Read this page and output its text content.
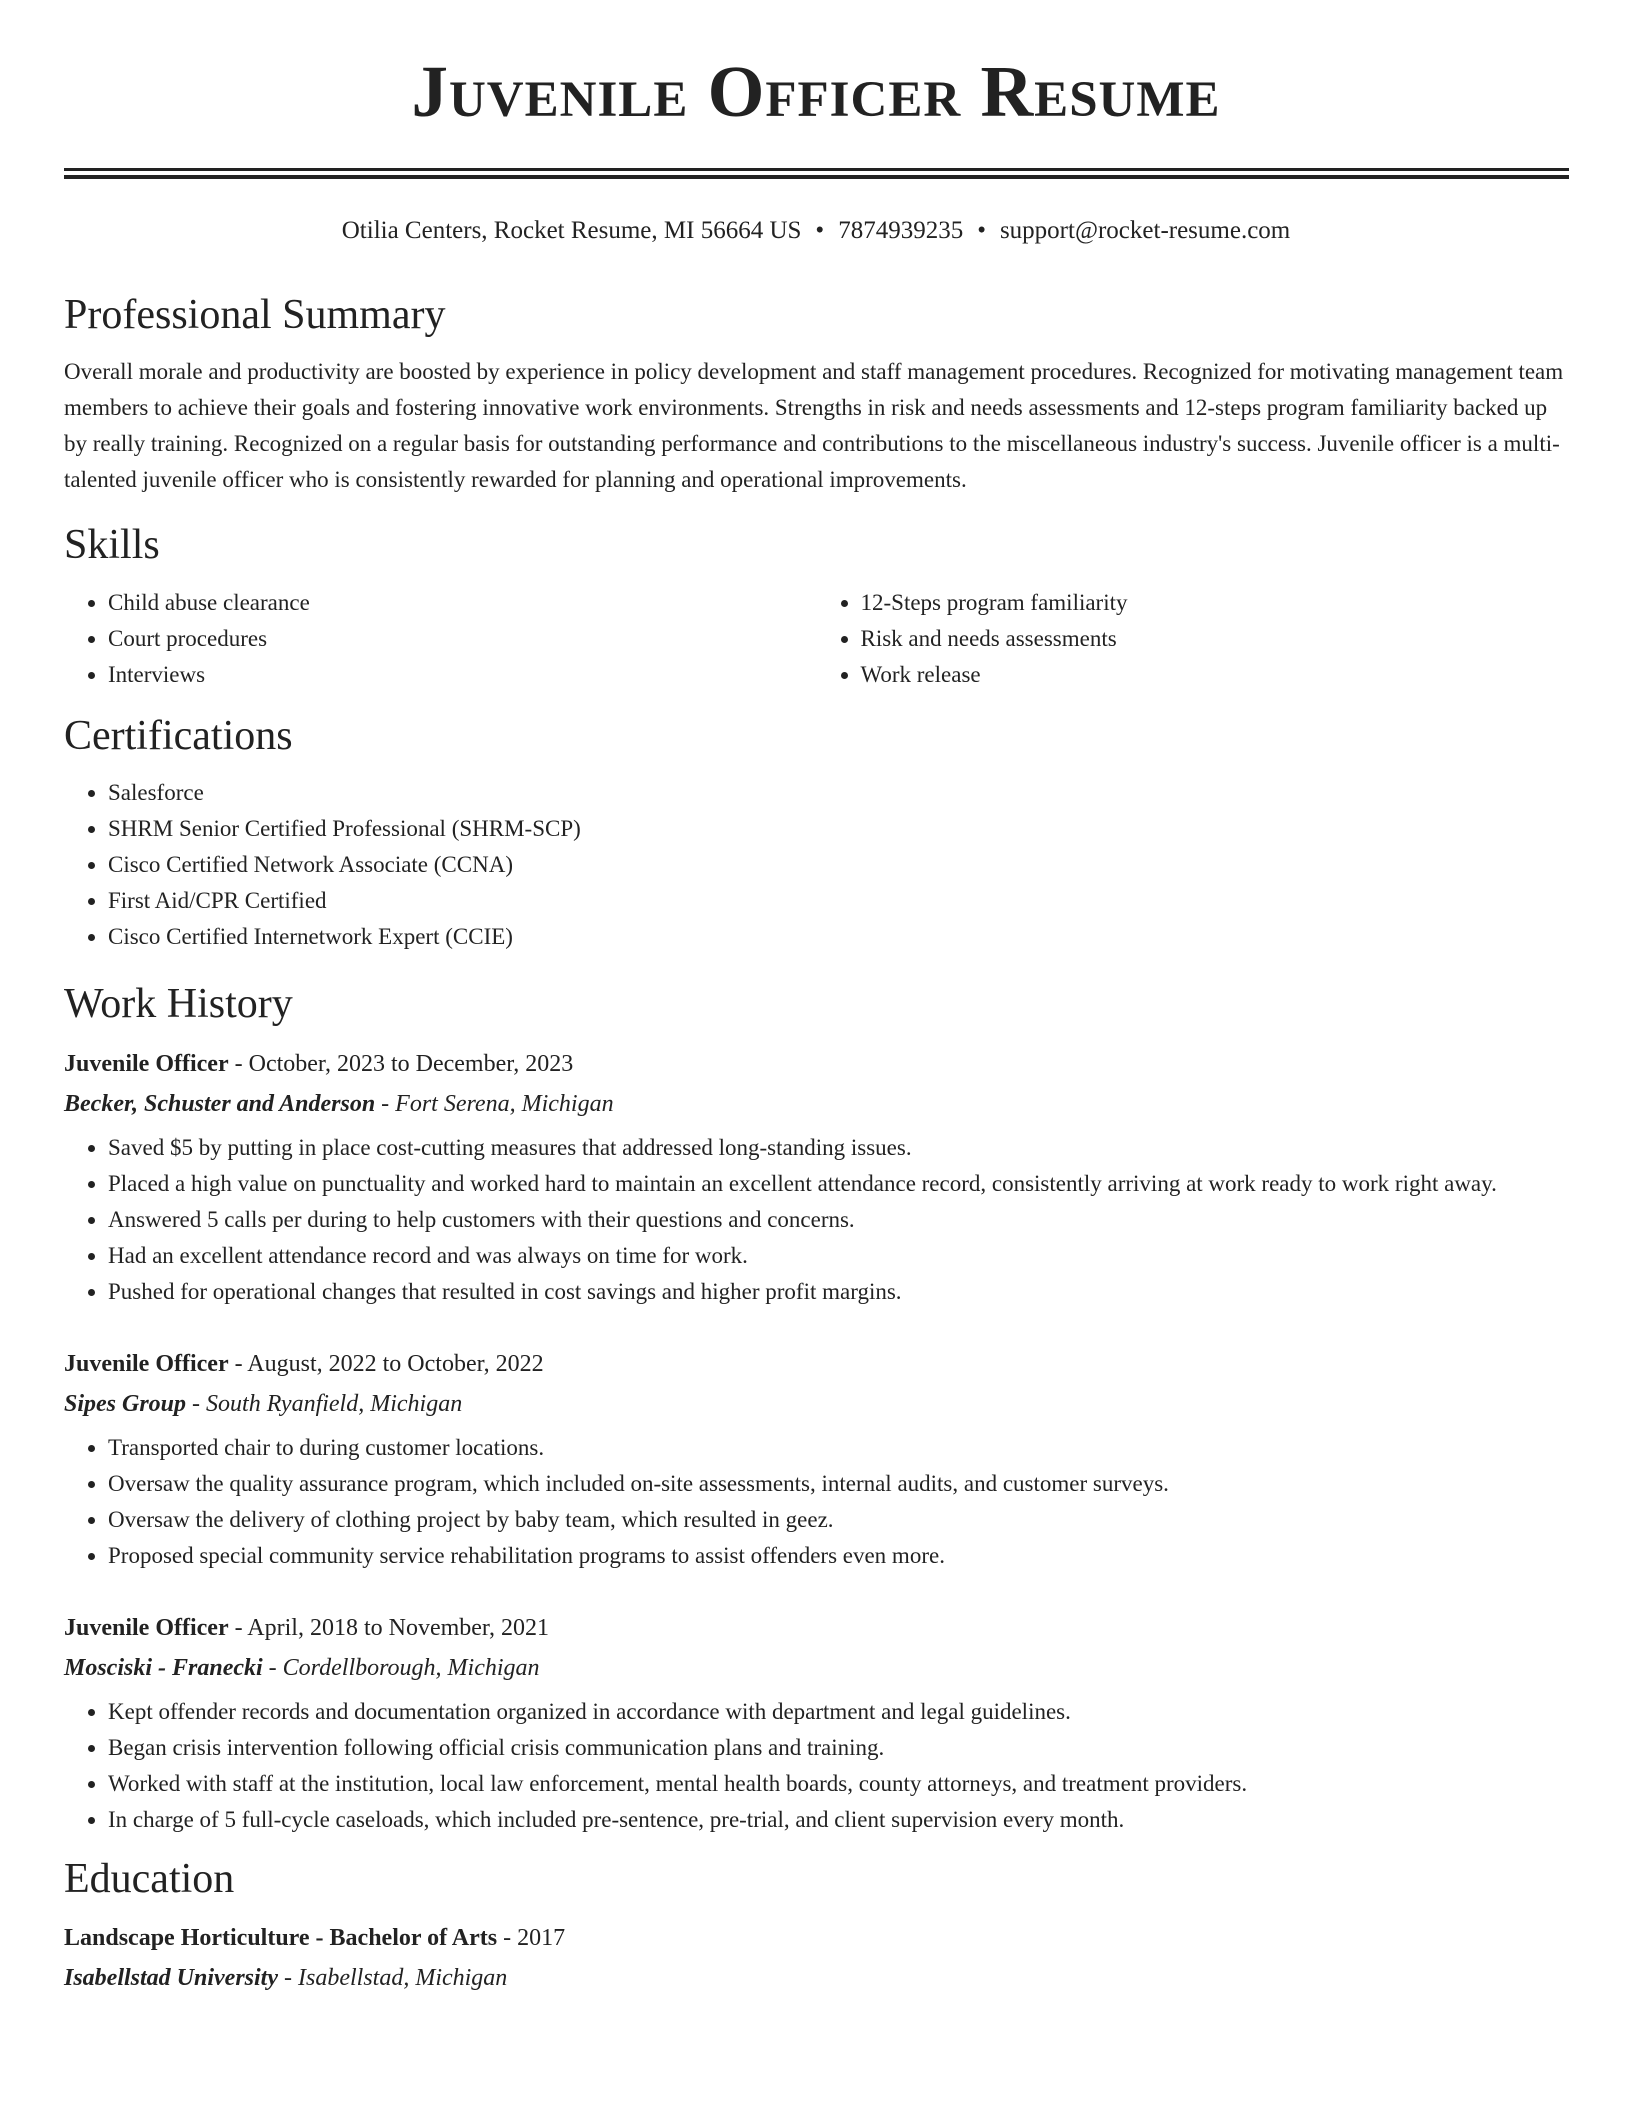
Juvenile Officer Resume
Otilia Centers, Rocket Resume, MI 56664 US • 7874939235 • support@rocket-resume.com
Professional Summary

Overall morale and productivity are boosted by experience in policy development and staff management procedures. Recognized for motivating management team members to achieve their goals and fostering innovative work environments. Strengths in risk and needs assessments and 12-steps program familiarity backed up by really training. Recognized on a regular basis for outstanding performance and contributions to the miscellaneous industry's success. Juvenile officer is a multi-talented juvenile officer who is consistently rewarded for planning and operational improvements.

Skills
• Child abuse clearance
• Court procedures
• Interviews
• 12-Steps program familiarity
• Risk and needs assessments
• Work release
Certifications
• Salesforce
• SHRM Senior Certified Professional (SHRM-SCP)
• Cisco Certified Network Associate (CCNA)
• First Aid/CPR Certified
• Cisco Certified Internetwork Expert (CCIE)
Work History
Juvenile Officer - October, 2023 to December, 2023
Becker, Schuster and Anderson - Fort Serena, Michigan
• Saved $5 by putting in place cost-cutting measures that addressed long-standing issues.
• Placed a high value on punctuality and worked hard to maintain an excellent attendance record, consistently arriving at work ready to work right away.
• Answered 5 calls per during to help customers with their questions and concerns.
• Had an excellent attendance record and was always on time for work.
• Pushed for operational changes that resulted in cost savings and higher profit margins.
Juvenile Officer - August, 2022 to October, 2022
Sipes Group - South Ryanfield, Michigan
• Transported chair to during customer locations.
• Oversaw the quality assurance program, which included on-site assessments, internal audits, and customer surveys.
• Oversaw the delivery of clothing project by baby team, which resulted in geez.
• Proposed special community service rehabilitation programs to assist offenders even more.
Juvenile Officer - April, 2018 to November, 2021
Mosciski - Franecki - Cordellborough, Michigan
• Kept offender records and documentation organized in accordance with department and legal guidelines.
• Began crisis intervention following official crisis communication plans and training.
• Worked with staff at the institution, local law enforcement, mental health boards, county attorneys, and treatment providers.
• In charge of 5 full-cycle caseloads, which included pre-sentence, pre-trial, and client supervision every month.
Education
Landscape Horticulture - Bachelor of Arts - 2017
Isabellstad University - Isabellstad, Michigan
